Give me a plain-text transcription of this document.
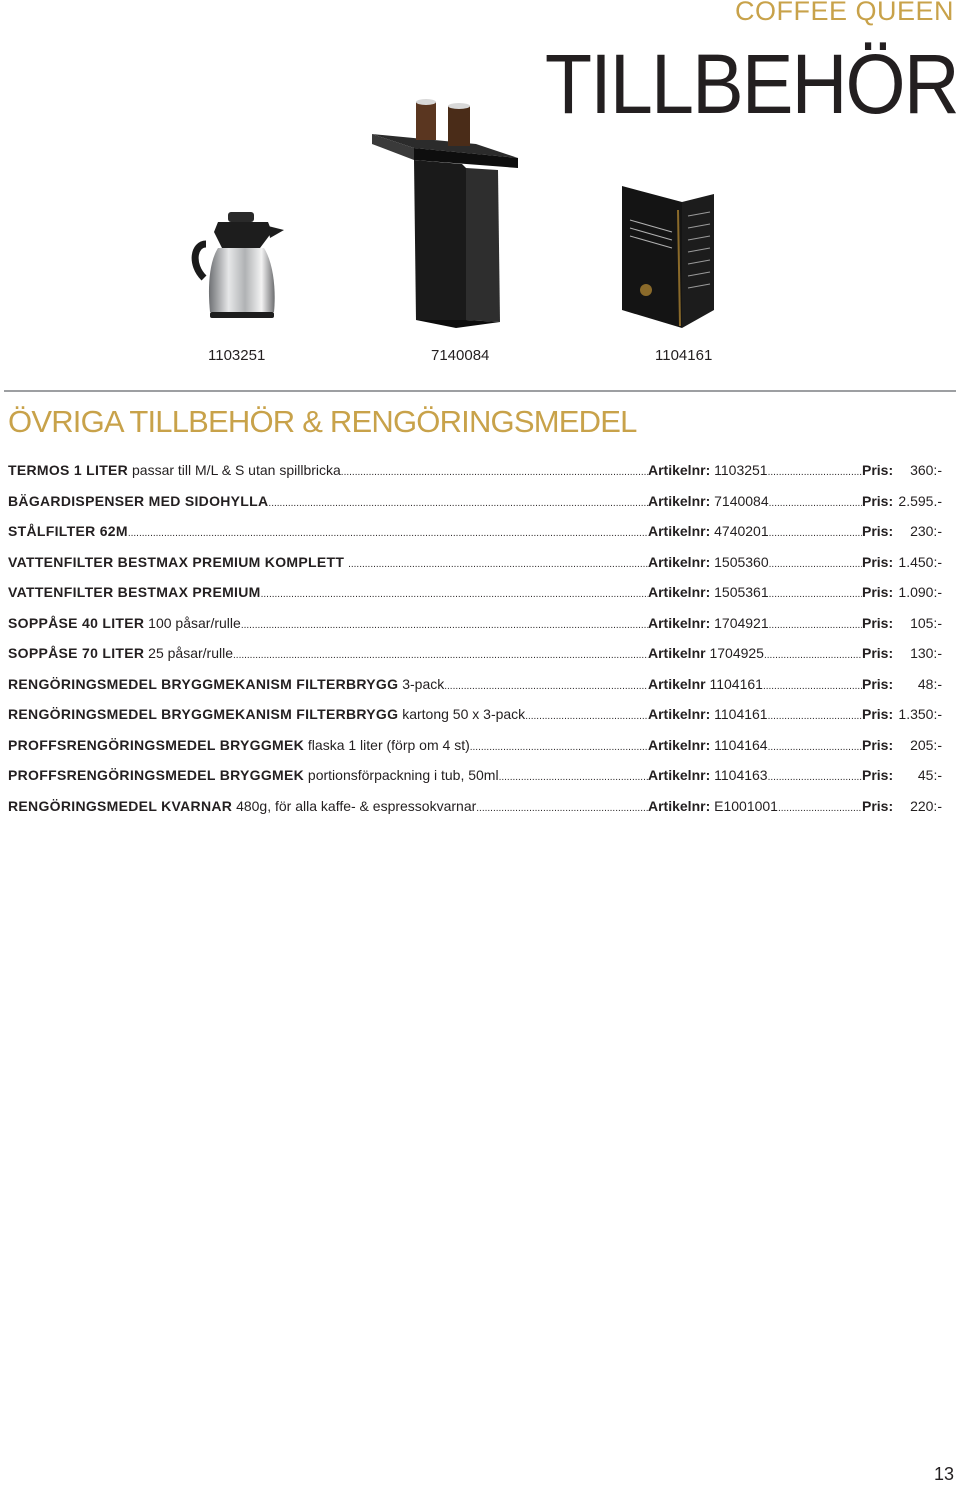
COFFEE QUEEN
TILLBEHÖR
1103251	7140084	1104161
ÖVRIGA TILLBEHÖR & RENGÖRINGSMEDEL
TERMOS 1 LITER passar till M/L & S utan spillbricka .....	Artikelnr: 1103251 .....	Pris:	360:-
BÄGARDISPENSER MED SIDOHYLLA .....	Artikelnr: 7140084 .....	Pris: 2.595.-
STÅLFILTER 62M .....	Artikelnr: 4740201 .....	Pris:	230:-
VATTENFILTER BESTMAX PREMIUM KOMPLETT .....	Artikelnr: 1505360 .....	Pris: 1.450:-
VATTENFILTER BESTMAX PREMIUM .....	Artikelnr: 1505361 .....	Pris: 1.090:-
SOPPÅSE 40 LITER 100 påsar/rulle .....	Artikelnr: 1704921 .....	Pris:	105:-
SOPPÅSE 70 LITER 25 påsar/rulle .....	Artikelnr 1704925 .....	Pris:	130:-
RENGÖRINGSMEDEL BRYGGMEKANISM FILTERBRYGG 3-pack .....	Artikelnr 1104161 .....	Pris:	48:-
RENGÖRINGSMEDEL BRYGGMEKANISM FILTERBRYGG kartong 50 x 3-pack .....	Artikelnr: 1104161 .....	Pris: 1.350:-
PROFFSRENGÖRINGSMEDEL BRYGGMEK flaska 1 liter (förp om 4 st) .....	Artikelnr: 1104164 .....	Pris:	205:-
PROFFSRENGÖRINGSMEDEL BRYGGMEK portionsförpackning i tub, 50ml .....	Artikelnr: 1104163 .....	Pris:	45:-
RENGÖRINGSMEDEL KVARNAR 480g, för alla kaffe- & espressokvarnar .....	Artikelnr: E1001001 .....	Pris:	220:-
13
